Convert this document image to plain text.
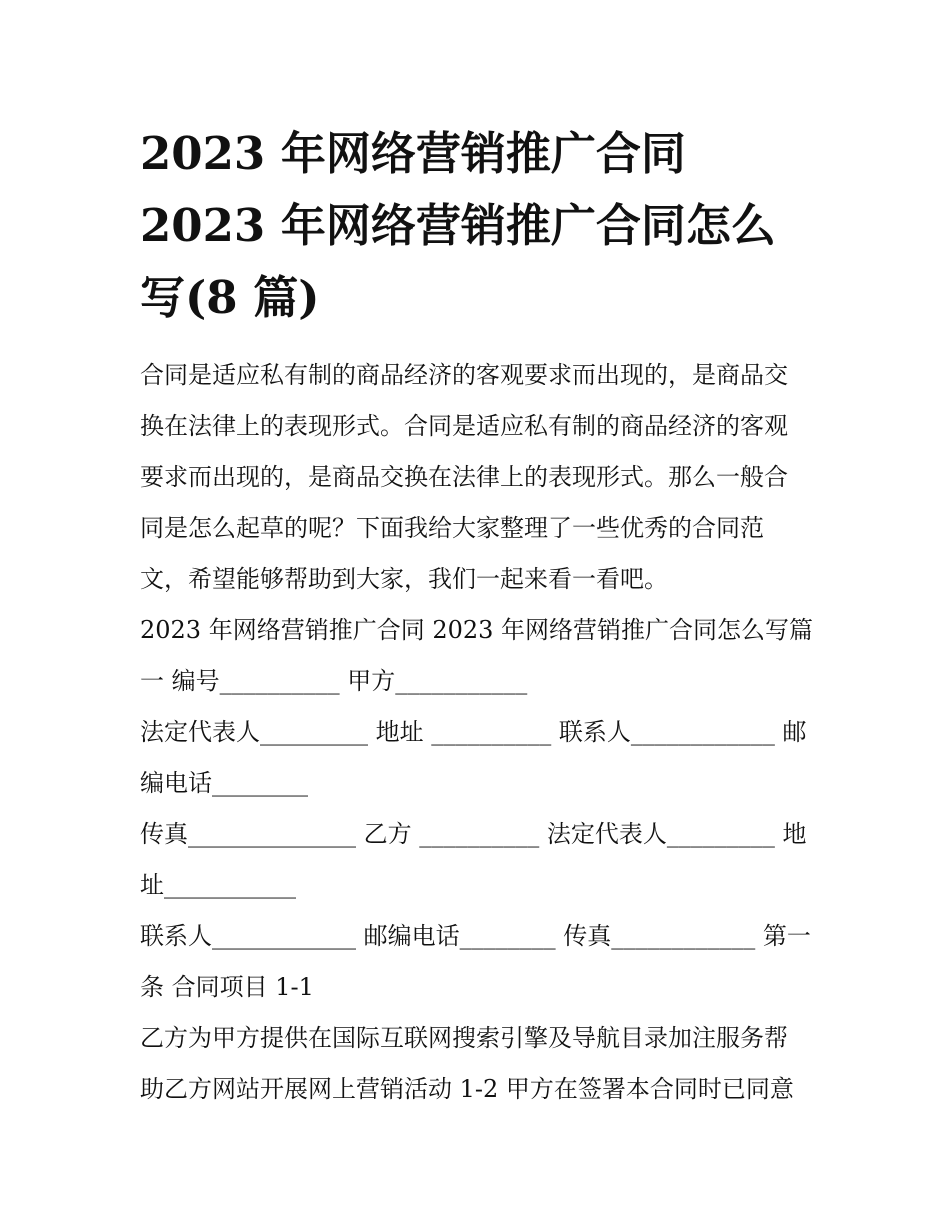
2023 年网络营销推广合同
2023 年网络营销推广合同怎么
写(8 篇)

合同是适应私有制的商品经济的客观要求而出现的，是商品交
换在法律上的表现形式。合同是适应私有制的商品经济的客观
要求而出现的，是商品交换在法律上的表现形式。那么一般合
同是怎么起草的呢？下面我给大家整理了一些优秀的合同范
文，希望能够帮助到大家，我们一起来看一看吧。

2023 年网络营销推广合同 2023 年网络营销推广合同怎么写篇
一 编号__________ 甲方___________

法定代表人_________ 地址 __________ 联系人____________ 邮
编电话________

传真______________ 乙方 __________ 法定代表人_________ 地
址___________

联系人____________ 邮编电话________ 传真____________ 第一
条 合同项目 1-1

乙方为甲方提供在国际互联网搜索引擎及导航目录加注服务帮
助乙方网站开展网上营销活动 1-2 甲方在签署本合同时已同意
